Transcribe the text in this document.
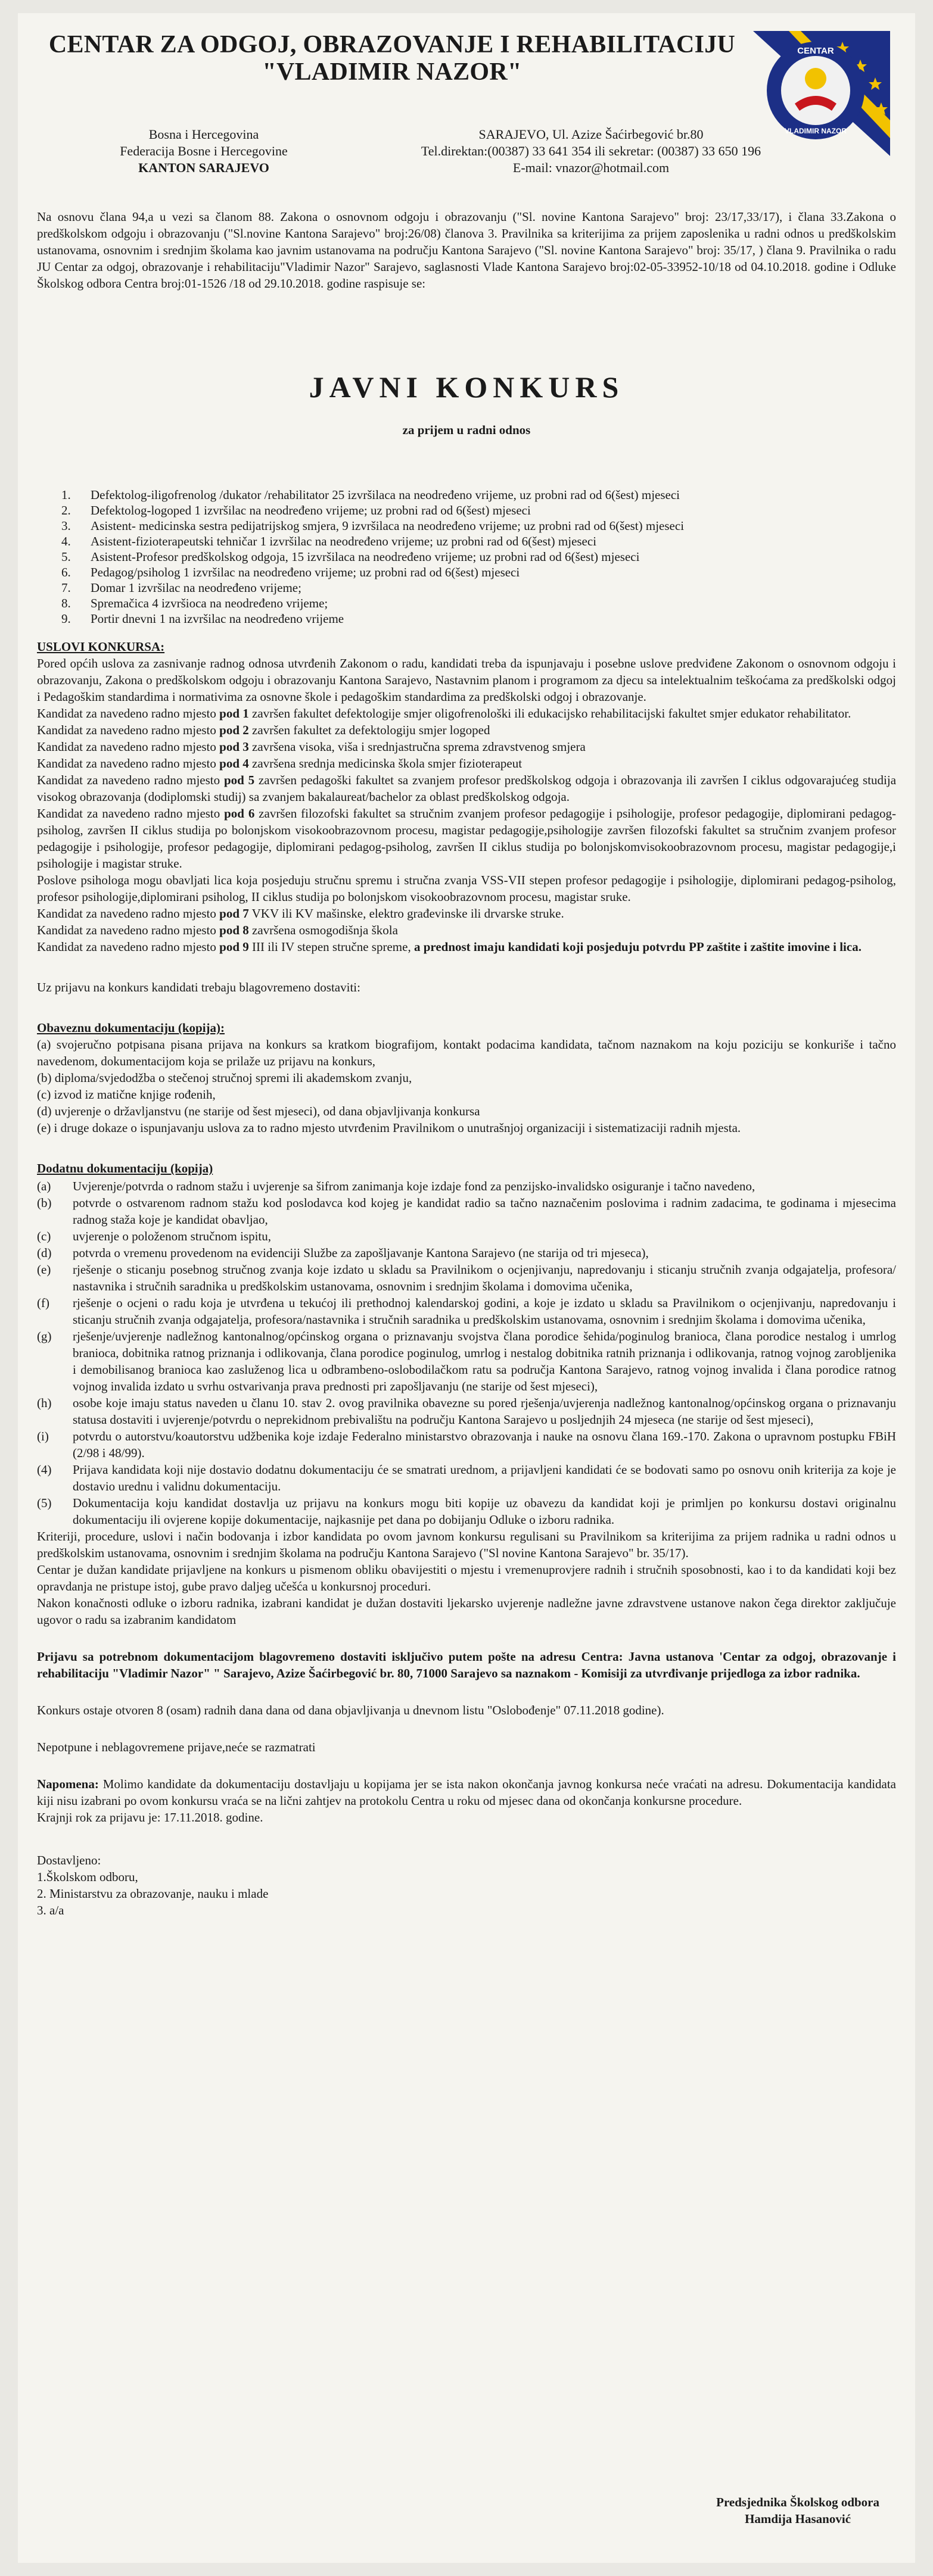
CENTAR ZA ODGOJ, OBRAZOVANJE I REHABILITACIJU
"VLADIMIR NAZOR"
CENTAR
VLADIMIR NAZOR
Bosna i Hercegovina
Federacija Bosne i Hercegovine
KANTON SARAJEVO
SARAJEVO, Ul. Azize Šaćirbegović br.80
Tel.direktan:(00387) 33 641 354 ili sekretar: (00387) 33 650 196
E-mail: vnazor@hotmail.com

Na osnovu člana 94,a u vezi sa članom 88. Zakona o osnovnom odgoju i obrazovanju ("Sl. novine Kantona Sarajevo" broj: 23/17,33/17), i člana 33.Zakona o predškolskom odgoju i obrazovanju ("Sl.novine Kantona Sarajevo" broj:26/08) članova 3. Pravilnika sa kriterijima za prijem zaposlenika u radni odnos u predškolskim ustanovama, osnovnim i srednjim školama kao javnim ustanovama na području Kantona Sarajevo ("Sl. novine Kantona Sarajevo" broj: 35/17, ) člana 9. Pravilnika o radu JU Centar za odgoj, obrazovanje i rehabilitaciju"Vladimir Nazor" Sarajevo, saglasnosti Vlade Kantona Sarajevo broj:02-05-33952-10/18 od 04.10.2018. godine i Odluke Školskog odbora Centra broj:01-1526 /18 od 29.10.2018. godine raspisuje se:

JAVNI KONKURS
za prijem u radni odnos
1. Defektolog-iligofrenolog /dukator /rehabilitator 25 izvršilaca na neodređeno vrijeme, uz probni rad od 6(šest) mjeseci
2. Defektolog-logoped 1 izvršilac na neodređeno vrijeme; uz probni rad od 6(šest) mjeseci
3. Asistent- medicinska sestra pedijatrijskog smjera, 9 izvršilaca na neodređeno vrijeme; uz probni rad od 6(šest) mjeseci
4. Asistent-fizioterapeutski tehničar 1 izvršilac na neodređeno vrijeme; uz probni rad od 6(šest) mjeseci
5. Asistent-Profesor predškolskog odgoja, 15 izvršilaca na neodređeno vrijeme; uz probni rad od 6(šest) mjeseci
6. Pedagog/psiholog 1 izvršilac na neodređeno vrijeme; uz probni rad od 6(šest) mjeseci
7. Domar 1 izvršilac na neodređeno vrijeme;
8. Spremačica 4 izvršioca na neodređeno vrijeme;
9. Portir dnevni 1 na izvršilac na neodređeno vrijeme
USLOVI KONKURSA:

Pored općih uslova za zasnivanje radnog odnosa utvrđenih Zakonom o radu, kandidati treba da ispunjavaju i posebne uslove predviđene Zakonom o osnovnom odgoju i obrazovanju, Zakona o predškolskom odgoju i obrazovanju Kantona Sarajevo, Nastavnim planom i programom za djecu sa intelektualnim teškoćama za predškolski odgoj i Pedagoškim standardima i normativima za osnovne škole i pedagoškim standardima za predškolski odgoj i obrazovanje.

Kandidat za navedeno radno mjesto pod 1 završen fakultet defektologije smjer oligofrenološki ili edukacijsko rehabilitacijski fakultet smjer edukator rehabilitator.

Kandidat za navedeno radno mjesto pod 2 završen fakultet za defektologiju smjer logoped

Kandidat za navedeno radno mjesto pod 3 završena visoka, viša i srednjastručna sprema zdravstvenog smjera

Kandidat za navedeno radno mjesto pod 4 završena srednja medicinska škola smjer fizioterapeut

Kandidat za navedeno radno mjesto pod 5 završen pedagoški fakultet sa zvanjem profesor predškolskog odgoja i obrazovanja ili završen I ciklus odgovarajućeg studija visokog obrazovanja (dodiplomski studij) sa zvanjem bakalaureat/bachelor za oblast predškolskog odgoja.

Kandidat za navedeno radno mjesto pod 6 završen filozofski fakultet sa stručnim zvanjem profesor pedagogije i psihologije, profesor pedagogije, diplomirani pedagog-psiholog, završen II ciklus studija po bolonjskom visokoobrazovnom procesu, magistar pedagogije,psihologije završen filozofski fakultet sa stručnim zvanjem profesor pedagogije i psihologije, profesor pedagogije, diplomirani pedagog-psiholog, završen II ciklus studija po bolonjskomvisokoobrazovnom procesu, magistar pedagogije,i psihologije i magistar struke.

Poslove psihologa mogu obavljati lica koja posjeduju stručnu spremu i stručna zvanja VSS-VII stepen profesor pedagogije i psihologije, diplomirani pedagog-psiholog, profesor psihologije,diplomirani psiholog, II ciklus studija po bolonjskom visokoobrazovnom procesu, magistar sruke.

Kandidat za navedeno radno mjesto pod 7 VKV ili KV mašinske, elektro građevinske ili drvarske struke.

Kandidat za navedeno radno mjesto pod 8 završena osmogodišnja škola

Kandidat za navedeno radno mjesto pod 9 III ili IV stepen stručne spreme, a prednost imaju kandidati koji posjeduju potvrdu PP zaštite i zaštite imovine i lica.

Uz prijavu na konkurs kandidati trebaju blagovremeno dostaviti:

Obaveznu dokumentaciju (kopija):

(a) svojeručno potpisana pisana prijava na konkurs sa kratkom biografijom, kontakt podacima kandidata, tačnom naznakom na koju poziciju se konkuriše i tačno navedenom, dokumentacijom koja se prilaže uz prijavu na konkurs,

(b) diploma/svjedodžba o stečenoj stručnoj spremi ili akademskom zvanju,

(c) izvod iz matične knjige rođenih,

(d) uvjerenje o državljanstvu (ne starije od šest mjeseci), od dana objavljivanja konkursa

(e) i druge dokaze o ispunjavanju uslova za to radno mjesto utvrđenim Pravilnikom o unutrašnjoj organizaciji i sistematizaciji radnih mjesta.

Dodatnu dokumentaciju (kopija)
(a)	Uvjerenje/potvrda o radnom stažu i uvjerenje sa šifrom zanimanja koje izdaje fond za penzijsko-invalidsko osiguranje i tačno navedeno,
(b)	potvrde o ostvarenom radnom stažu kod poslodavca kod kojeg je kandidat radio sa tačno naznačenim poslovima i radnim zadacima, te godinama i mjesecima radnog staža koje je kandidat obavljao,
(c)	uvjerenje o položenom stručnom ispitu,
(d)	potvrda o vremenu provedenom na evidenciji Službe za zapošljavanje Kantona Sarajevo (ne starija od tri mjeseca),
(e)	rješenje o sticanju posebnog stručnog zvanja koje izdato u skladu sa Pravilnikom o ocjenjivanju, napredovanju i sticanju stručnih zvanja odgajatelja, profesora/ nastavnika i stručnih saradnika u predškolskim ustanovama, osnovnim i srednjim školama i domovima učenika,
(f)	rješenje o ocjeni o radu koja je utvrđena u tekućoj ili prethodnoj kalendarskoj godini, a koje je izdato u skladu sa Pravilnikom o ocjenjivanju, napredovanju i sticanju stručnih zvanja odgajatelja, profesora/nastavnika i stručnih saradnika u predškolskim ustanovama, osnovnim i srednjim školama i domovima učenika,
(g)	rješenje/uvjerenje nadležnog kantonalnog/općinskog organa o priznavanju svojstva člana porodice šehida/poginulog branioca, člana porodice nestalog i umrlog branioca, dobitnika ratnog priznanja i odlikovanja, člana porodice poginulog, umrlog i nestalog dobitnika ratnih priznanja i odlikovanja, ratnog vojnog zarobljenika i demobilisanog branioca kao zasluženog lica u odbrambeno-oslobodilačkom ratu sa područja Kantona Sarajevo, ratnog vojnog invalida i člana porodice ratnog vojnog invalida izdato u svrhu ostvarivanja prava prednosti pri zapošljavanju (ne starije od šest mjeseci),
(h)	osobe koje imaju status naveden u članu 10. stav 2. ovog pravilnika obavezne su pored rješenja/uvjerenja nadležnog kantonalnog/općinskog organa o priznavanju statusa dostaviti i uvjerenje/potvrdu o neprekidnom prebivalištu na području Kantona Sarajevo u posljednjih 24 mjeseca (ne starije od šest mjeseci),
(i)	potvrdu o autorstvu/koautorstvu udžbenika koje izdaje Federalno ministarstvo obrazovanja i nauke na osnovu člana 169.-170. Zakona o upravnom postupku FBiH (2/98 i 48/99).
(4)	Prijava kandidata koji nije dostavio dodatnu dokumentaciju će se smatrati urednom, a prijavljeni kandidati će se bodovati samo po osnovu onih kriterija za koje je dostavio urednu i validnu dokumentaciju.
(5)	Dokumentacija koju kandidat dostavlja uz prijavu na konkurs mogu biti kopije uz obavezu da kandidat koji je primljen po konkursu dostavi originalnu dokumentaciju ili ovjerene kopije dokumentacije, najkasnije pet dana po dobijanju Odluke o izboru radnika.

Kriteriji, procedure, uslovi i način bodovanja i izbor kandidata po ovom javnom konkursu regulisani su Pravilnikom sa kriterijima za prijem radnika u radni odnos u predškolskim ustanovama, osnovnim i srednjim školama na području Kantona Sarajevo ("Sl novine Kantona Sarajevo" br. 35/17).

Centar je dužan kandidate prijavljene na konkurs u pismenom obliku obavijestiti o mjestu i vremenuprovjere radnih i stručnih sposobnosti, kao i to da kandidati koji bez opravdanja ne pristupe istoj, gube pravo daljeg učešća u konkursnoj proceduri.

Nakon konačnosti odluke o izboru radnika, izabrani kandidat je dužan dostaviti ljekarsko uvjerenje nadležne javne zdravstvene ustanove nakon čega direktor zaključuje ugovor o radu sa izabranim kandidatom

Prijavu sa potrebnom dokumentacijom blagovremeno dostaviti isključivo putem pošte na adresu Centra: Javna ustanova 'Centar za odgoj, obrazovanje i rehabilitaciju "Vladimir Nazor" " Sarajevo, Azize Šaćirbegović br. 80, 71000 Sarajevo sa naznakom - Komisiji za utvrđivanje prijedloga za izbor radnika.

Konkurs ostaje otvoren 8 (osam) radnih dana dana od dana objavljivanja u dnevnom listu "Oslobođenje" 07.11.2018 godine).

Nepotpune i neblagovremene prijave,neće se razmatrati

Napomena: Molimo kandidate da dokumentaciju dostavljaju u kopijama jer se ista nakon okončanja javnog konkursa neće vraćati na adresu. Dokumentacija kandidata kiji nisu izabrani po ovom konkursu vraća se na lični zahtjev na protokolu Centra u roku od mjesec dana od okončanja konkursne procedure.

Krajnji rok za prijavu je: 17.11.2018. godine.

Dostavljeno:

1.Školskom odboru,

2. Ministarstvu za obrazovanje, nauku i mlade

3. a/a

Predsjednika Školskog odbora
Hamdija Hasanović
